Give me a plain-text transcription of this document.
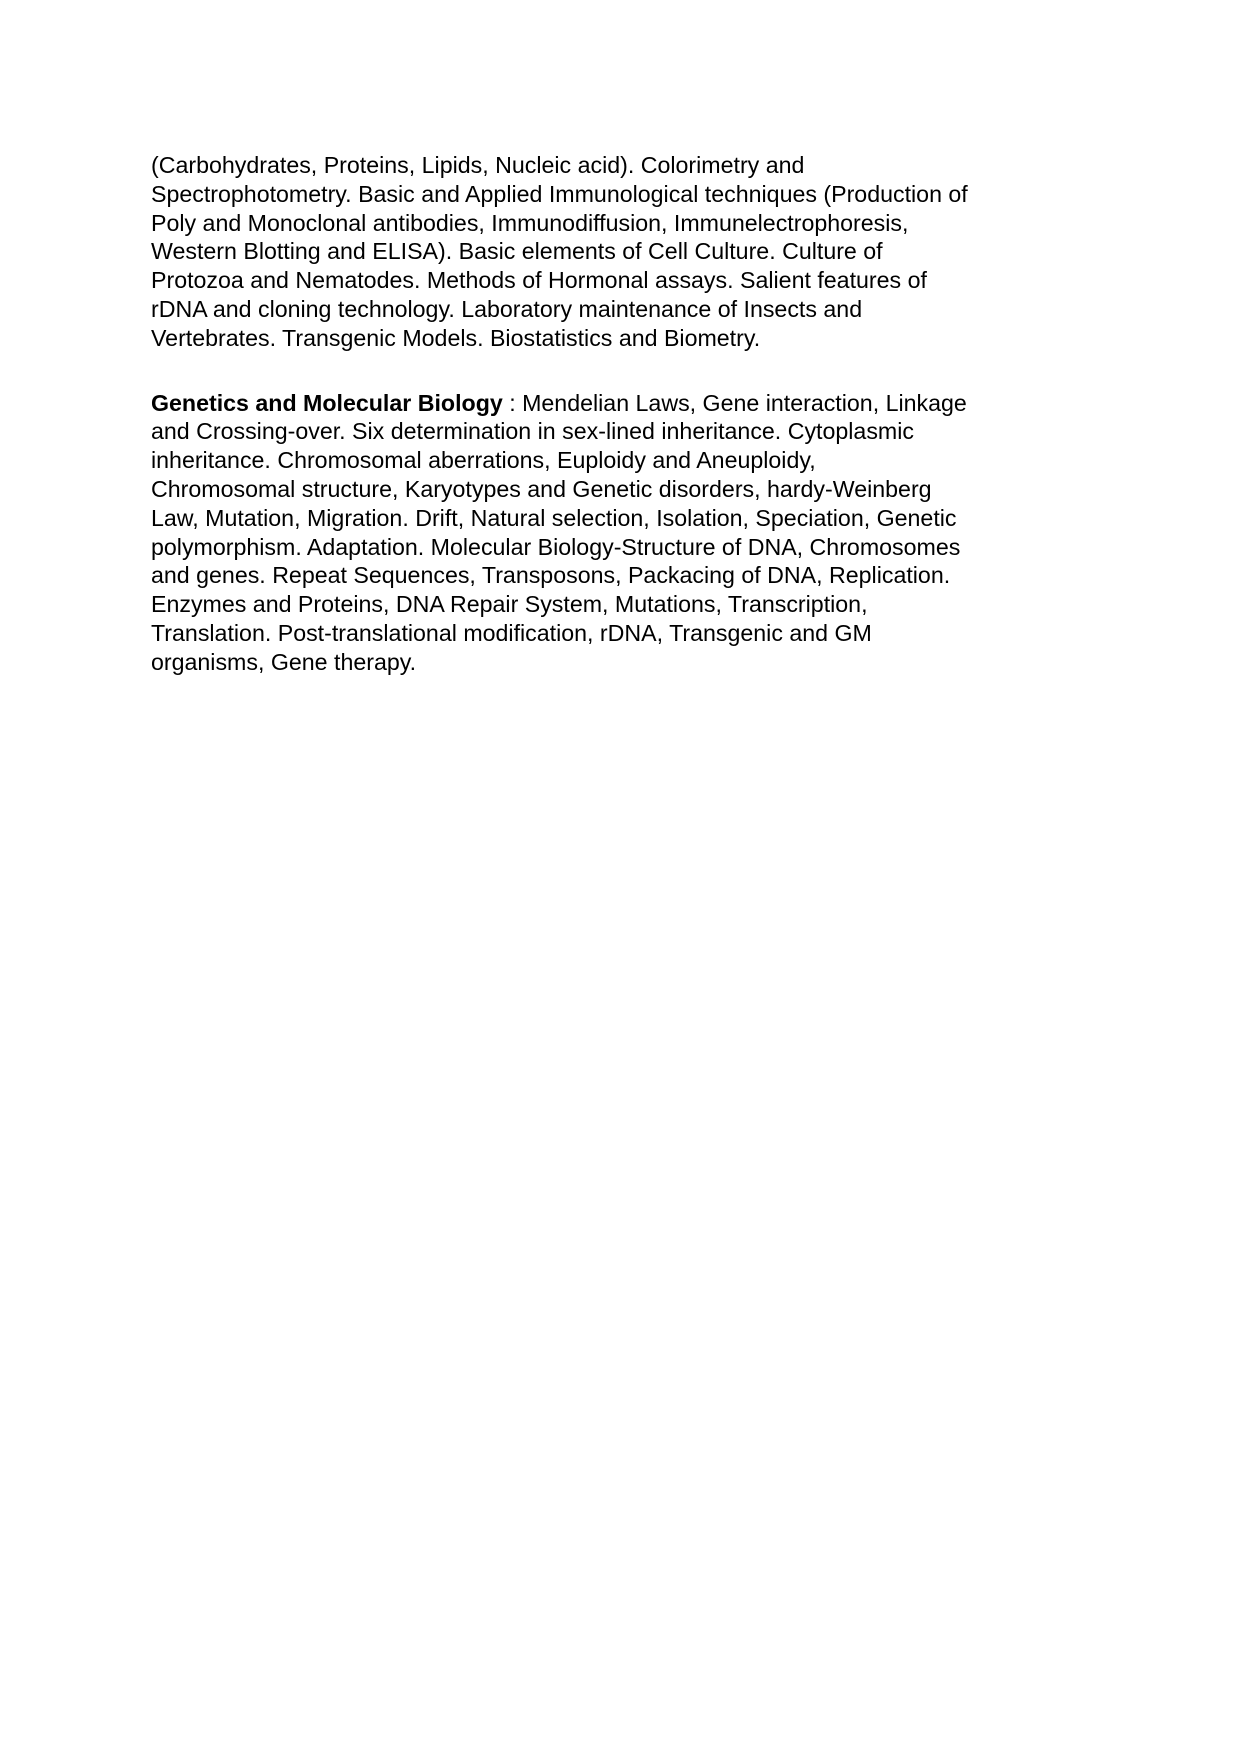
(Carbohydrates, Proteins, Lipids, Nucleic acid). Colorimetry and
Spectrophotometry. Basic and Applied Immunological techniques (Production of
Poly and Monoclonal antibodies, Immunodiffusion, Immunelectrophoresis,
Western Blotting and ELISA). Basic elements of Cell Culture. Culture of
Protozoa and Nematodes. Methods of Hormonal assays. Salient features of
rDNA and cloning technology. Laboratory maintenance of Insects and
Vertebrates. Transgenic Models. Biostatistics and Biometry.

Genetics and Molecular Biology : Mendelian Laws, Gene interaction, Linkage
and Crossing-over. Six determination in sex-lined inheritance. Cytoplasmic
inheritance. Chromosomal aberrations, Euploidy and Aneuploidy,
Chromosomal structure, Karyotypes and Genetic disorders, hardy-Weinberg
Law, Mutation, Migration. Drift, Natural selection, Isolation, Speciation, Genetic
polymorphism. Adaptation. Molecular Biology-Structure of DNA, Chromosomes
and genes. Repeat Sequences, Transposons, Packacing of DNA, Replication.
Enzymes and Proteins, DNA Repair System, Mutations, Transcription,
Translation. Post-translational modification, rDNA, Transgenic and GM
organisms, Gene therapy.
